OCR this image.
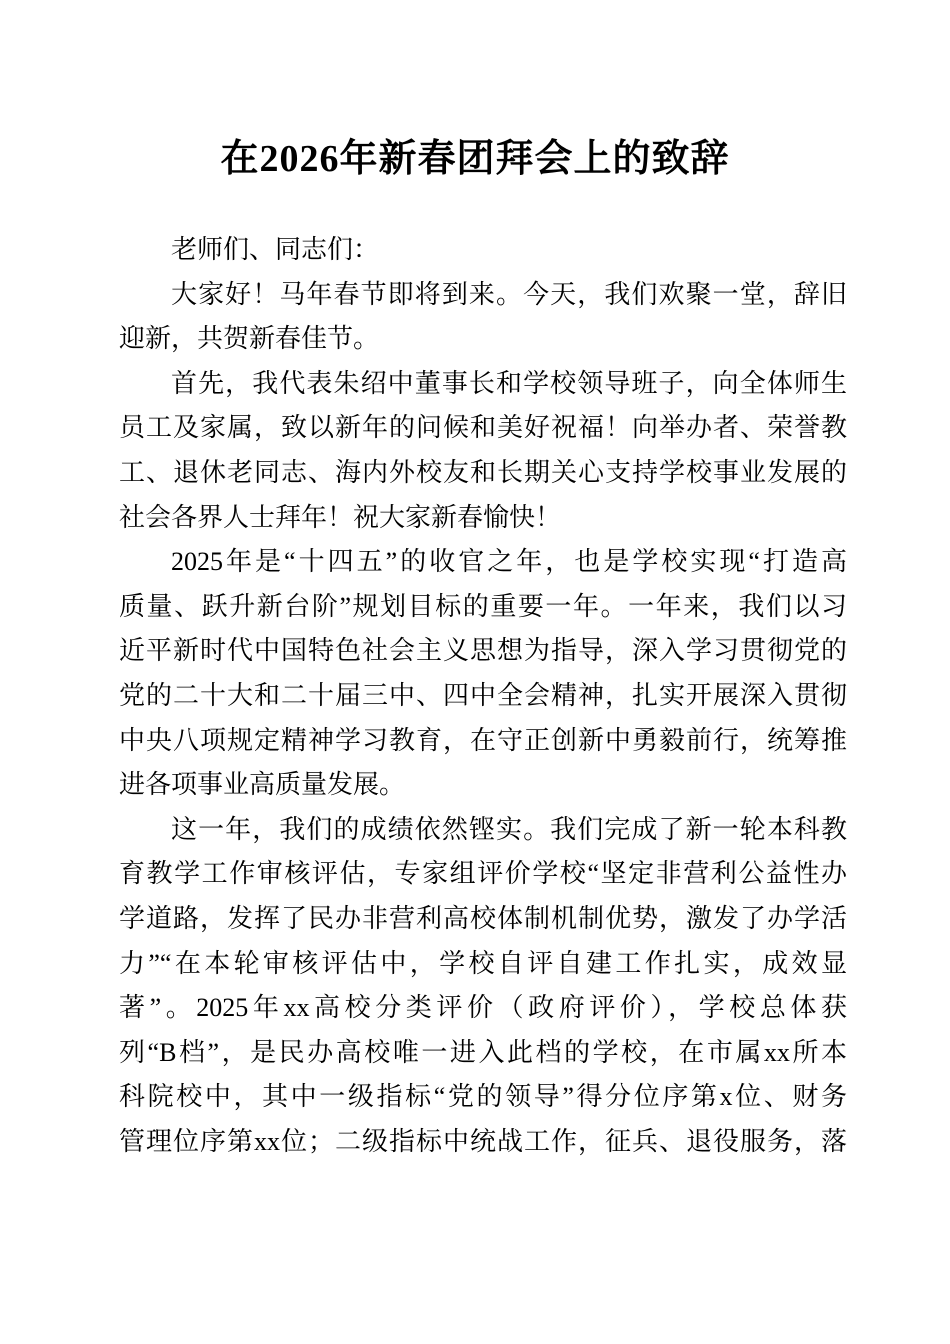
在2026年新春团拜会上的致辞
老师们、同志们：
大家好！马年春节即将到来。今天，我们欢聚一堂，辞旧
迎新，共贺新春佳节。
首先，我代表朱绍中董事长和学校领导班子，向全体师生
员工及家属，致以新年的问候和美好祝福！向举办者、荣誉教
工、退休老同志、海内外校友和长期关心支持学校事业发展的
社会各界人士拜年！祝大家新春愉快！
2025年是“十四五”的收官之年，也是学校实现“打造高
质量、跃升新台阶”规划目标的重要一年。一年来，我们以习
近平新时代中国特色社会主义思想为指导，深入学习贯彻党的
党的二十大和二十届三中、四中全会精神，扎实开展深入贯彻
中央八项规定精神学习教育，在守正创新中勇毅前行，统筹推
进各项事业高质量发展。
这一年，我们的成绩依然铿实。我们完成了新一轮本科教
育教学工作审核评估，专家组评价学校“坚定非营利公益性办
学道路，发挥了民办非营利高校体制机制优势，激发了办学活
力”“在本轮审核评估中，学校自评自建工作扎实，成效显
著”。2025年xx高校分类评价（政府评价），学校总体获
列“B档”，是民办高校唯一进入此档的学校，在市属xx所本
科院校中，其中一级指标“党的领导”得分位序第x位、财务
管理位序第xx位；二级指标中统战工作，征兵、退役服务，落
